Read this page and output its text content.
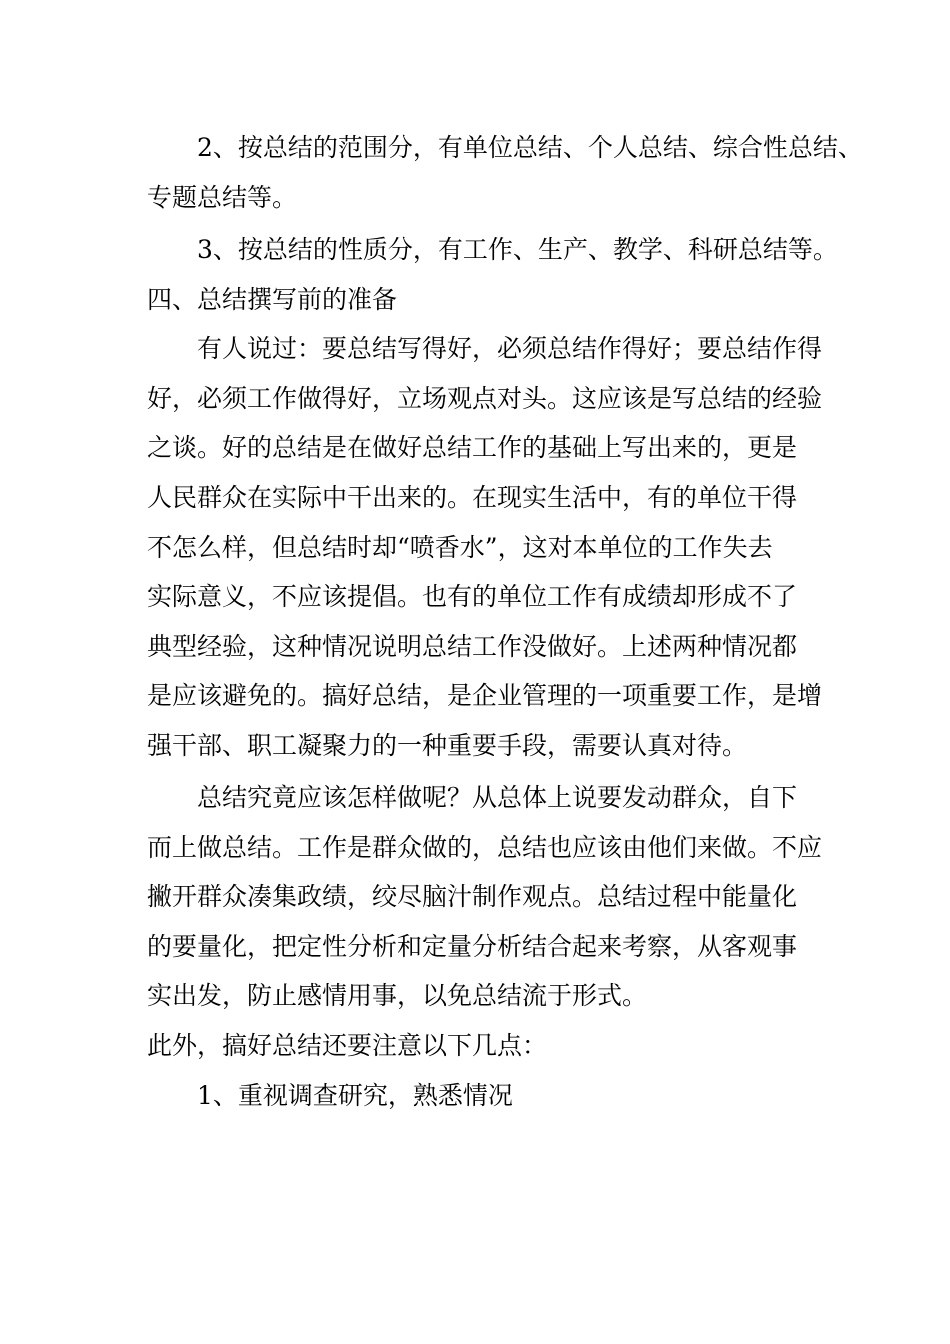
2、按总结的范围分，有单位总结、个人总结、综合性总结、
专题总结等。
3、按总结的性质分，有工作、生产、教学、科研总结等。
四、总结撰写前的准备
有人说过：要总结写得好，必须总结作得好；要总结作得
好，必须工作做得好，立场观点对头。这应该是写总结的经验
之谈。好的总结是在做好总结工作的基础上写出来的，更是
人民群众在实际中干出来的。在现实生活中，有的单位干得
不怎么样，但总结时却“喷香水”，这对本单位的工作失去
实际意义，不应该提倡。也有的单位工作有成绩却形成不了
典型经验，这种情况说明总结工作没做好。上述两种情况都
是应该避免的。搞好总结，是企业管理的一项重要工作，是增
强干部、职工凝聚力的一种重要手段，需要认真对待。
总结究竟应该怎样做呢？从总体上说要发动群众，自下
而上做总结。工作是群众做的，总结也应该由他们来做。不应
撇开群众凑集政绩，绞尽脑汁制作观点。总结过程中能量化
的要量化，把定性分析和定量分析结合起来考察，从客观事
实出发，防止感情用事，以免总结流于形式。
此外，搞好总结还要注意以下几点：
1、重视调查研究，熟悉情况
